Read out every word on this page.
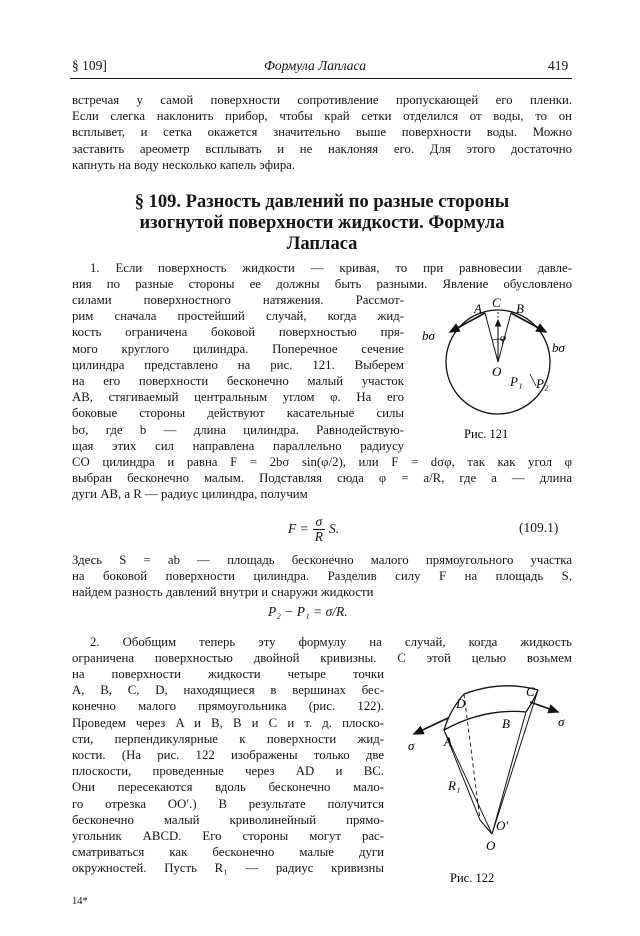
§ 109]	Формула Лапласа	419
встречая у самой поверхности сопротивление пропускающей его пленки.
Если слегка наклонить прибор, чтобы край сетки отделился от воды, то он
всплывет, и сетка окажется значительно выше поверхности воды. Можно
заставить ареометр всплывать и не наклоняя его. Для этого достаточно
капнуть на воду несколько капель эфира.
§ 109. Разность давлений по разные стороны
изогнутой поверхности жидкости. Формула
Лапласа
1. Если поверхность жидкости — кривая, то при равновесии давле-
ния по разные стороны ее должны быть разными. Явление обусловлено
силами поверхностного натяжения. Рассмот-
рим сначала простейший случай, когда жид-
кость ограничена боковой поверхностью пря-
мого круглого цилиндра. Поперечное сечение
цилиндра представлено на рис. 121. Выберем
на его поверхности бесконечно малый участок
AB, стягиваемый центральным углом φ. На его
боковые стороны действуют касательные силы
bσ, где b — длина цилиндра. Равнодействую-
щая этих сил направлена параллельно радиусу
A C B
φ
O
bσ
bσ
P₁ P₂
Рис. 121
CO цилиндра и равна F = 2bσ sin(φ/2), или F = dσφ, так как угол φ
выбран бесконечно малым. Подставляя сюда φ = a/R, где a — длина
дуги AB, а R — радиус цилиндра, получим
$F = \frac{\sigma}{R} S$.	(109.1)
Здесь S = ab — площадь бесконечно малого прямоугольного участка
на боковой поверхности цилиндра. Разделив силу F на площадь S,
найдем разность давлений внутри и снаружи жидкости
P₂ − P₁ = σ/R.
2. Обобщим теперь эту формулу на случай, когда жидкость
ограничена поверхностью двойной кривизны. С этой целью возьмем
на поверхности жидкости четыре точки
A, B, C, D, находящиеся в вершинах бес-
конечно малого прямоугольника (рис. 122).
Проведем через A и B, B и C и т. д. плоско-
сти, перпендикулярные к поверхности жид-
кости. (На рис. 122 изображены только две
плоскости, проведенные через AD и BC.
Они пересекаются вдоль бесконечно мало-
го отрезка OO′.) В результате получится
бесконечно малый криволинейный прямо-
угольник ABCD. Его стороны могут рас-
сматриваться как бесконечно малые дуги
окружностей. Пусть R₁ — радиус кривизны
D
C
B
A
σ
σ
R₁
O′
O
Рис. 122
14*
